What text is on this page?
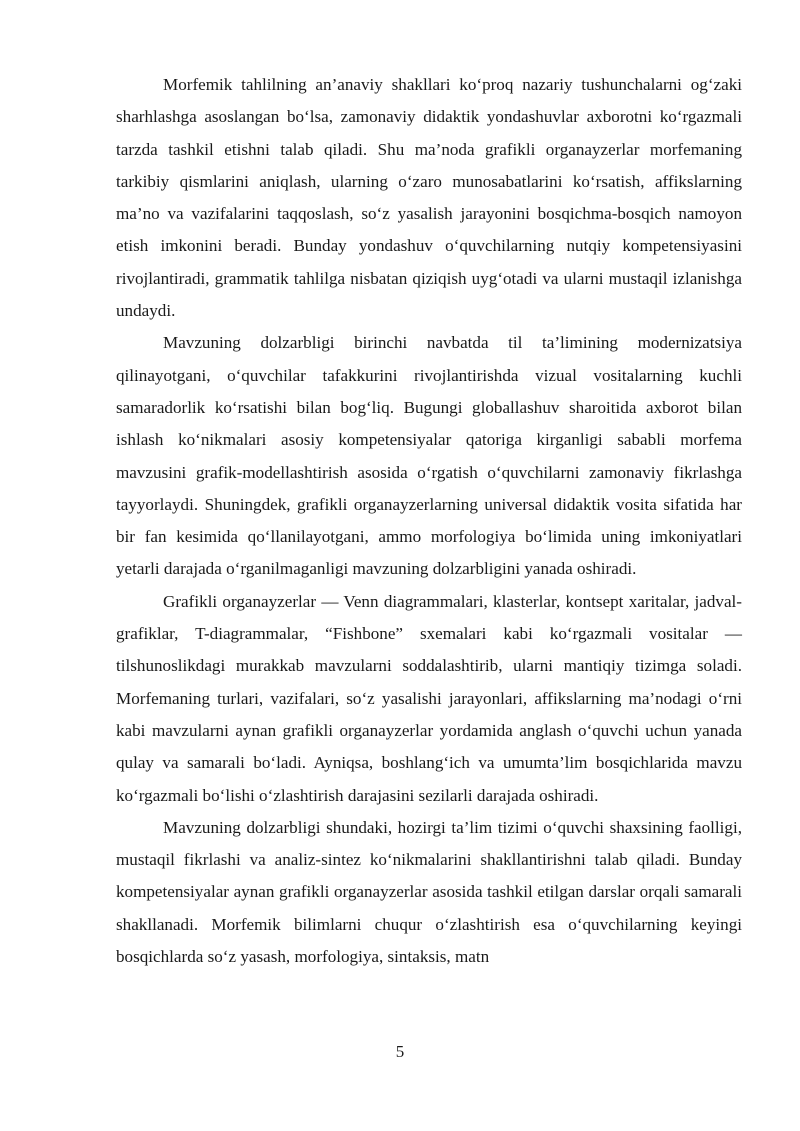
Morfemik tahlilning an’anaviy shakllari ko‘proq nazariy tushunchalarni og‘zaki sharhlashga asoslangan bo‘lsa, zamonaviy didaktik yondashuvlar axborotni ko‘rgazmali tarzda tashkil etishni talab qiladi. Shu ma’noda grafikli organayzerlar morfemaning tarkibiy qismlarini aniqlash, ularning o‘zaro munosabatlarini ko‘rsatish, affikslarning ma’no va vazifalarini taqqoslash, so‘z yasalish jarayonini bosqichma-bosqich namoyon etish imkonini beradi. Bunday yondashuv o‘quvchilarning nutqiy kompetensiyasini rivojlantiradi, grammatik tahlilga nisbatan qiziqish uyg‘otadi va ularni mustaqil izlanishga undaydi.

Mavzuning dolzarbligi birinchi navbatda til ta’limining modernizatsiya qilinayotgani, o‘quvchilar tafakkurini rivojlantirishda vizual vositalarning kuchli samaradorlik ko‘rsatishi bilan bog‘liq. Bugungi globallashuv sharoitida axborot bilan ishlash ko‘nikmalari asosiy kompetensiyalar qatoriga kirganligi sababli morfema mavzusini grafik-modellashtirish asosida o‘rgatish o‘quvchilarni zamonaviy fikrlashga tayyorlaydi. Shuningdek, grafikli organayzerlarning universal didaktik vosita sifatida har bir fan kesimida qo‘llanilayotgani, ammo morfologiya bo‘limida uning imkoniyatlari yetarli darajada o‘rganilmaganligi mavzuning dolzarbligini yanada oshiradi.

Grafikli organayzerlar — Venn diagrammalari, klasterlar, kontsept xaritalar, jadval-grafiklar, T-diagrammalar, “Fishbone” sxemalari kabi ko‘rgazmali vositalar — tilshunoslikdagi murakkab mavzularni soddalashtirib, ularni mantiqiy tizimga soladi. Morfemaning turlari, vazifalari, so‘z yasalishi jarayonlari, affikslarning ma’nodagi o‘rni kabi mavzularni aynan grafikli organayzerlar yordamida anglash o‘quvchi uchun yanada qulay va samarali bo‘ladi. Ayniqsa, boshlang‘ich va umumta’lim bosqichlarida mavzu ko‘rgazmali bo‘lishi o‘zlashtirish darajasini sezilarli darajada oshiradi.

Mavzuning dolzarbligi shundaki, hozirgi ta’lim tizimi o‘quvchi shaxsining faolligi, mustaqil fikrlashi va analiz-sintez ko‘nikmalarini shakllantirishni talab qiladi. Bunday kompetensiyalar aynan grafikli organayzerlar asosida tashkil etilgan darslar orqali samarali shakllanadi. Morfemik bilimlarni chuqur o‘zlashtirish esa o‘quvchilarning keyingi bosqichlarda so‘z yasash, morfologiya, sintaksis, matn

5
